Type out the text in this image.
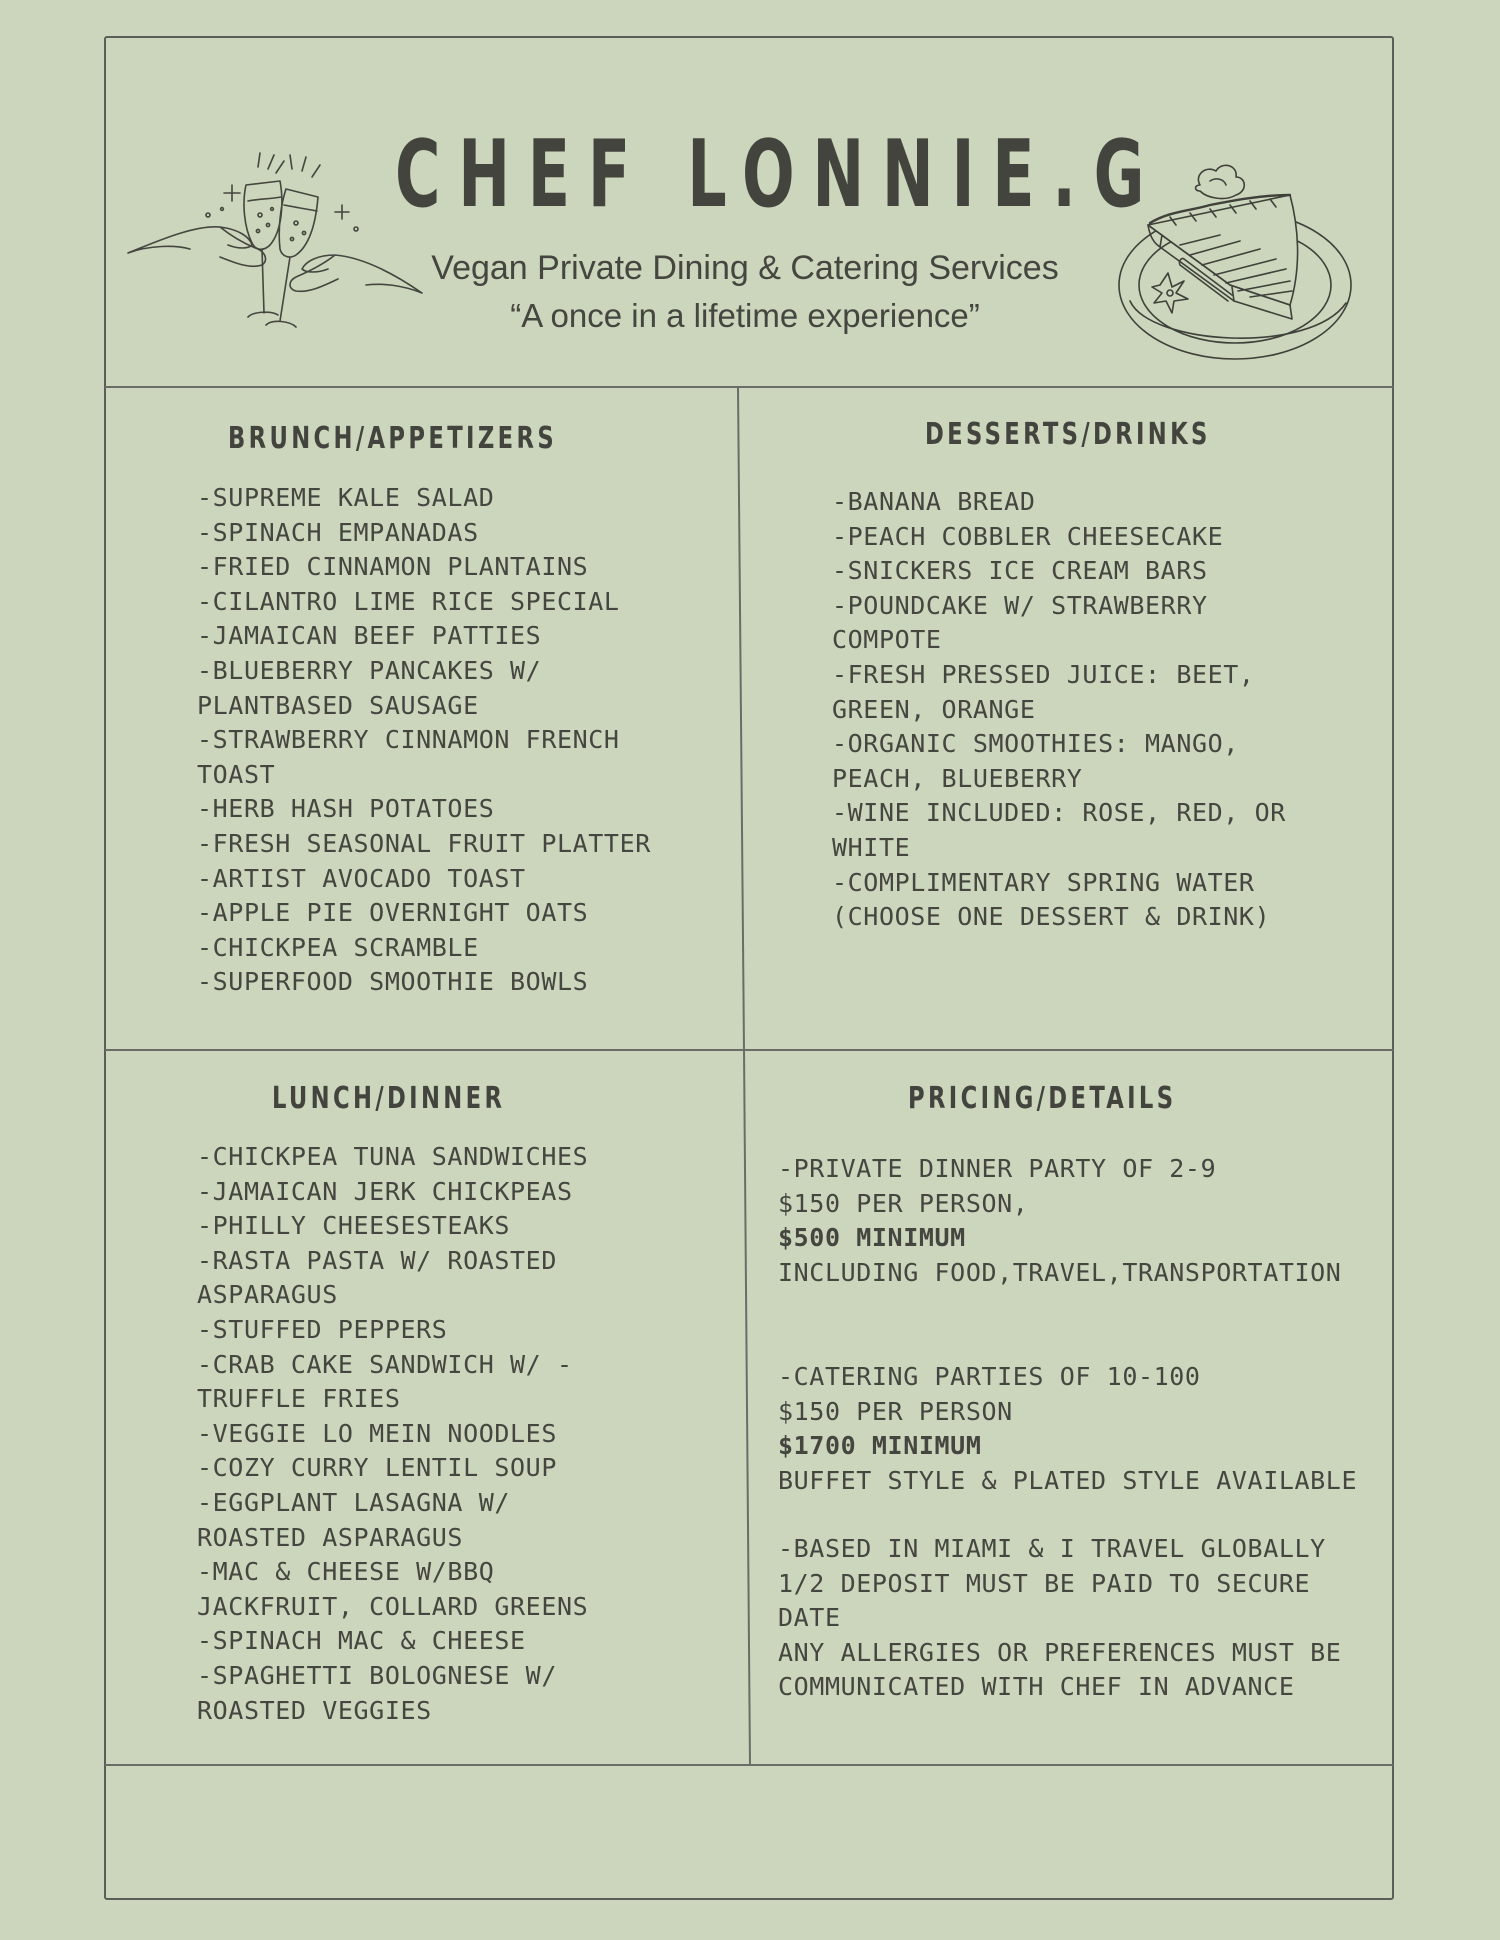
CHEF LONNIE.G
Vegan Private Dining & Catering Services
“A once in a lifetime experience”
BRUNCH/APPETIZERS	DESSERTS/DRINKS
LUNCH/DINNER	PRICING/DETAILS
-SUPREME KALE SALAD
-SPINACH EMPANADAS
-FRIED CINNAMON PLANTAINS
-CILANTRO LIME RICE SPECIAL
-JAMAICAN BEEF PATTIES
-BLUEBERRY PANCAKES W/
PLANTBASED SAUSAGE
-STRAWBERRY CINNAMON FRENCH
TOAST
-HERB HASH POTATOES
-FRESH SEASONAL FRUIT PLATTER
-ARTIST AVOCADO TOAST
-APPLE PIE OVERNIGHT OATS
-CHICKPEA SCRAMBLE
-SUPERFOOD SMOOTHIE BOWLS
-BANANA BREAD
-PEACH COBBLER CHEESECAKE
-SNICKERS ICE CREAM BARS
-POUNDCAKE W/ STRAWBERRY
COMPOTE
-FRESH PRESSED JUICE: BEET,
GREEN, ORANGE
-ORGANIC SMOOTHIES: MANGO,
PEACH, BLUEBERRY
-WINE INCLUDED: ROSE, RED, OR
WHITE
-COMPLIMENTARY SPRING WATER
(CHOOSE ONE DESSERT & DRINK)
-CHICKPEA TUNA SANDWICHES
-JAMAICAN JERK CHICKPEAS
-PHILLY CHEESESTEAKS
-RASTA PASTA W/ ROASTED
ASPARAGUS
-STUFFED PEPPERS
-CRAB CAKE SANDWICH W/ -
TRUFFLE FRIES
-VEGGIE LO MEIN NOODLES
-COZY CURRY LENTIL SOUP
-EGGPLANT LASAGNA W/
ROASTED ASPARAGUS
-MAC & CHEESE W/BBQ
JACKFRUIT, COLLARD GREENS
-SPINACH MAC & CHEESE
-SPAGHETTI BOLOGNESE W/
ROASTED VEGGIES
-PRIVATE DINNER PARTY OF 2-9
$150 PER PERSON,
$500 MINIMUM
INCLUDING FOOD,TRAVEL,TRANSPORTATION
-CATERING PARTIES OF 10-100
$150 PER PERSON
$1700 MINIMUM
BUFFET STYLE & PLATED STYLE AVAILABLE
-BASED IN MIAMI & I TRAVEL GLOBALLY
1/2 DEPOSIT MUST BE PAID TO SECURE
DATE
ANY ALLERGIES OR PREFERENCES MUST BE
COMMUNICATED WITH CHEF IN ADVANCE
